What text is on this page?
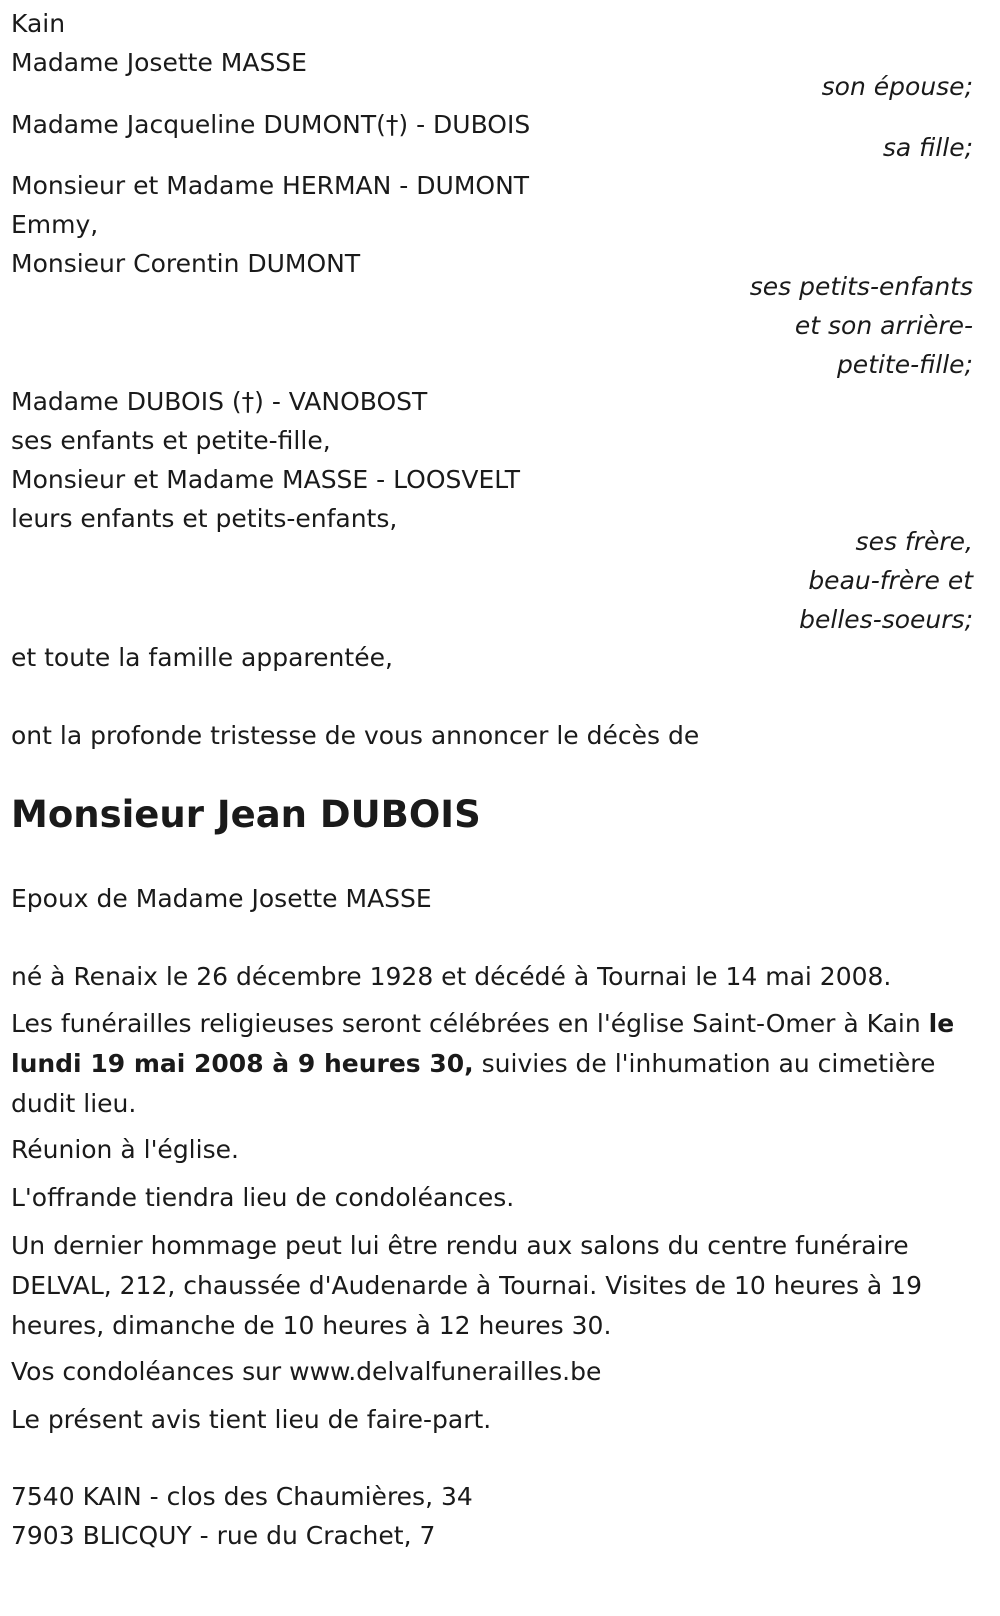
Kain
Madame Josette MASSE
son épouse;
Madame Jacqueline DUMONT(†) - DUBOIS
sa fille;
Monsieur et Madame HERMAN - DUMONT
Emmy,
Monsieur Corentin DUMONT
ses petits-enfants
et son arrière-
petite-fille;
Madame DUBOIS (†) - VANOBOST
ses enfants et petite-fille,
Monsieur et Madame MASSE - LOOSVELT
leurs enfants et petits-enfants,
ses frère,
beau-frère et
belles-soeurs;
et toute la famille apparentée,
ont la profonde tristesse de vous annoncer le décès de
Monsieur Jean DUBOIS
Epoux de Madame Josette MASSE
né à Renaix le 26 décembre 1928 et décédé à Tournai le 14 mai 2008.
Les funérailles religieuses seront célébrées en l'église Saint-Omer à Kain le lundi 19 mai 2008 à 9 heures 30, suivies de l'inhumation au cimetière dudit lieu.
Réunion à l'église.
L'offrande tiendra lieu de condoléances.
Un dernier hommage peut lui être rendu aux salons du centre funéraire DELVAL, 212, chaussée d'Audenarde à Tournai. Visites de 10 heures à 19 heures, dimanche de 10 heures à 12 heures 30.
Vos condoléances sur www.delvalfunerailles.be
Le présent avis tient lieu de faire-part.
7540 KAIN - clos des Chaumières, 34
7903 BLICQUY - rue du Crachet, 7
